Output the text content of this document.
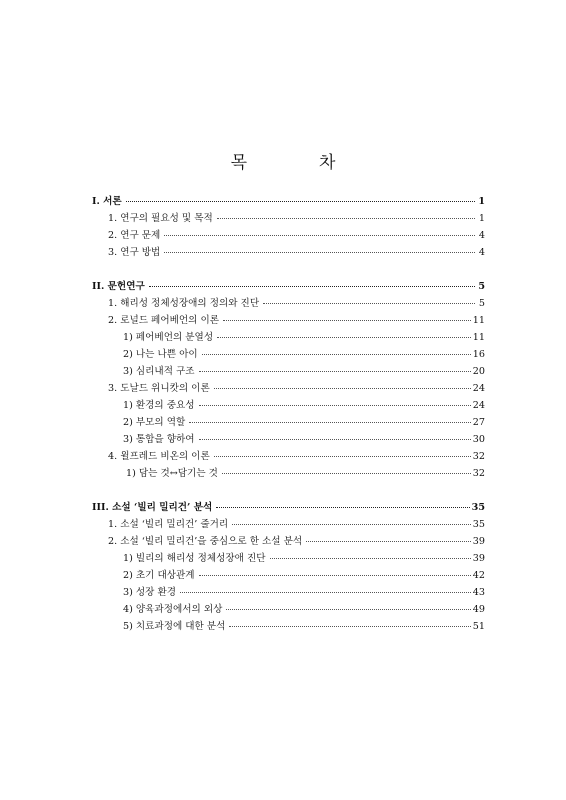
목	차
I. 서론	1
1. 연구의 필요성 및 목적	1
2. 연구 문제	4
3. 연구 방법	4
II. 문헌연구	5
1. 해리성 정체성장애의 정의와 진단	5
2. 로널드 페어베언의 이론	11
1) 페어베언의 분열성	11
2) 나는 나쁜 아이	16
3) 심리내적 구조	20
3. 도날드 위니캇의 이론	24
1) 환경의 중요성	24
2) 부모의 역할	27
3) 통합을 향하여	30
4. 윌프레드 비온의 이론	32
1) 담는 것↔담기는 것	32
III. 소설 ‘빌리 밀리건’ 분석	35
1. 소설 ‘빌리 밀리건’ 줄거리	35
2. 소설 ‘빌리 밀리건’을 중심으로 한 소설 분석	39
1) 빌리의 해리성 정체성장애 진단	39
2) 초기 대상관계	42
3) 성장 환경	43
4) 양육과정에서의 외상	49
5) 치료과정에 대한 분석	51
